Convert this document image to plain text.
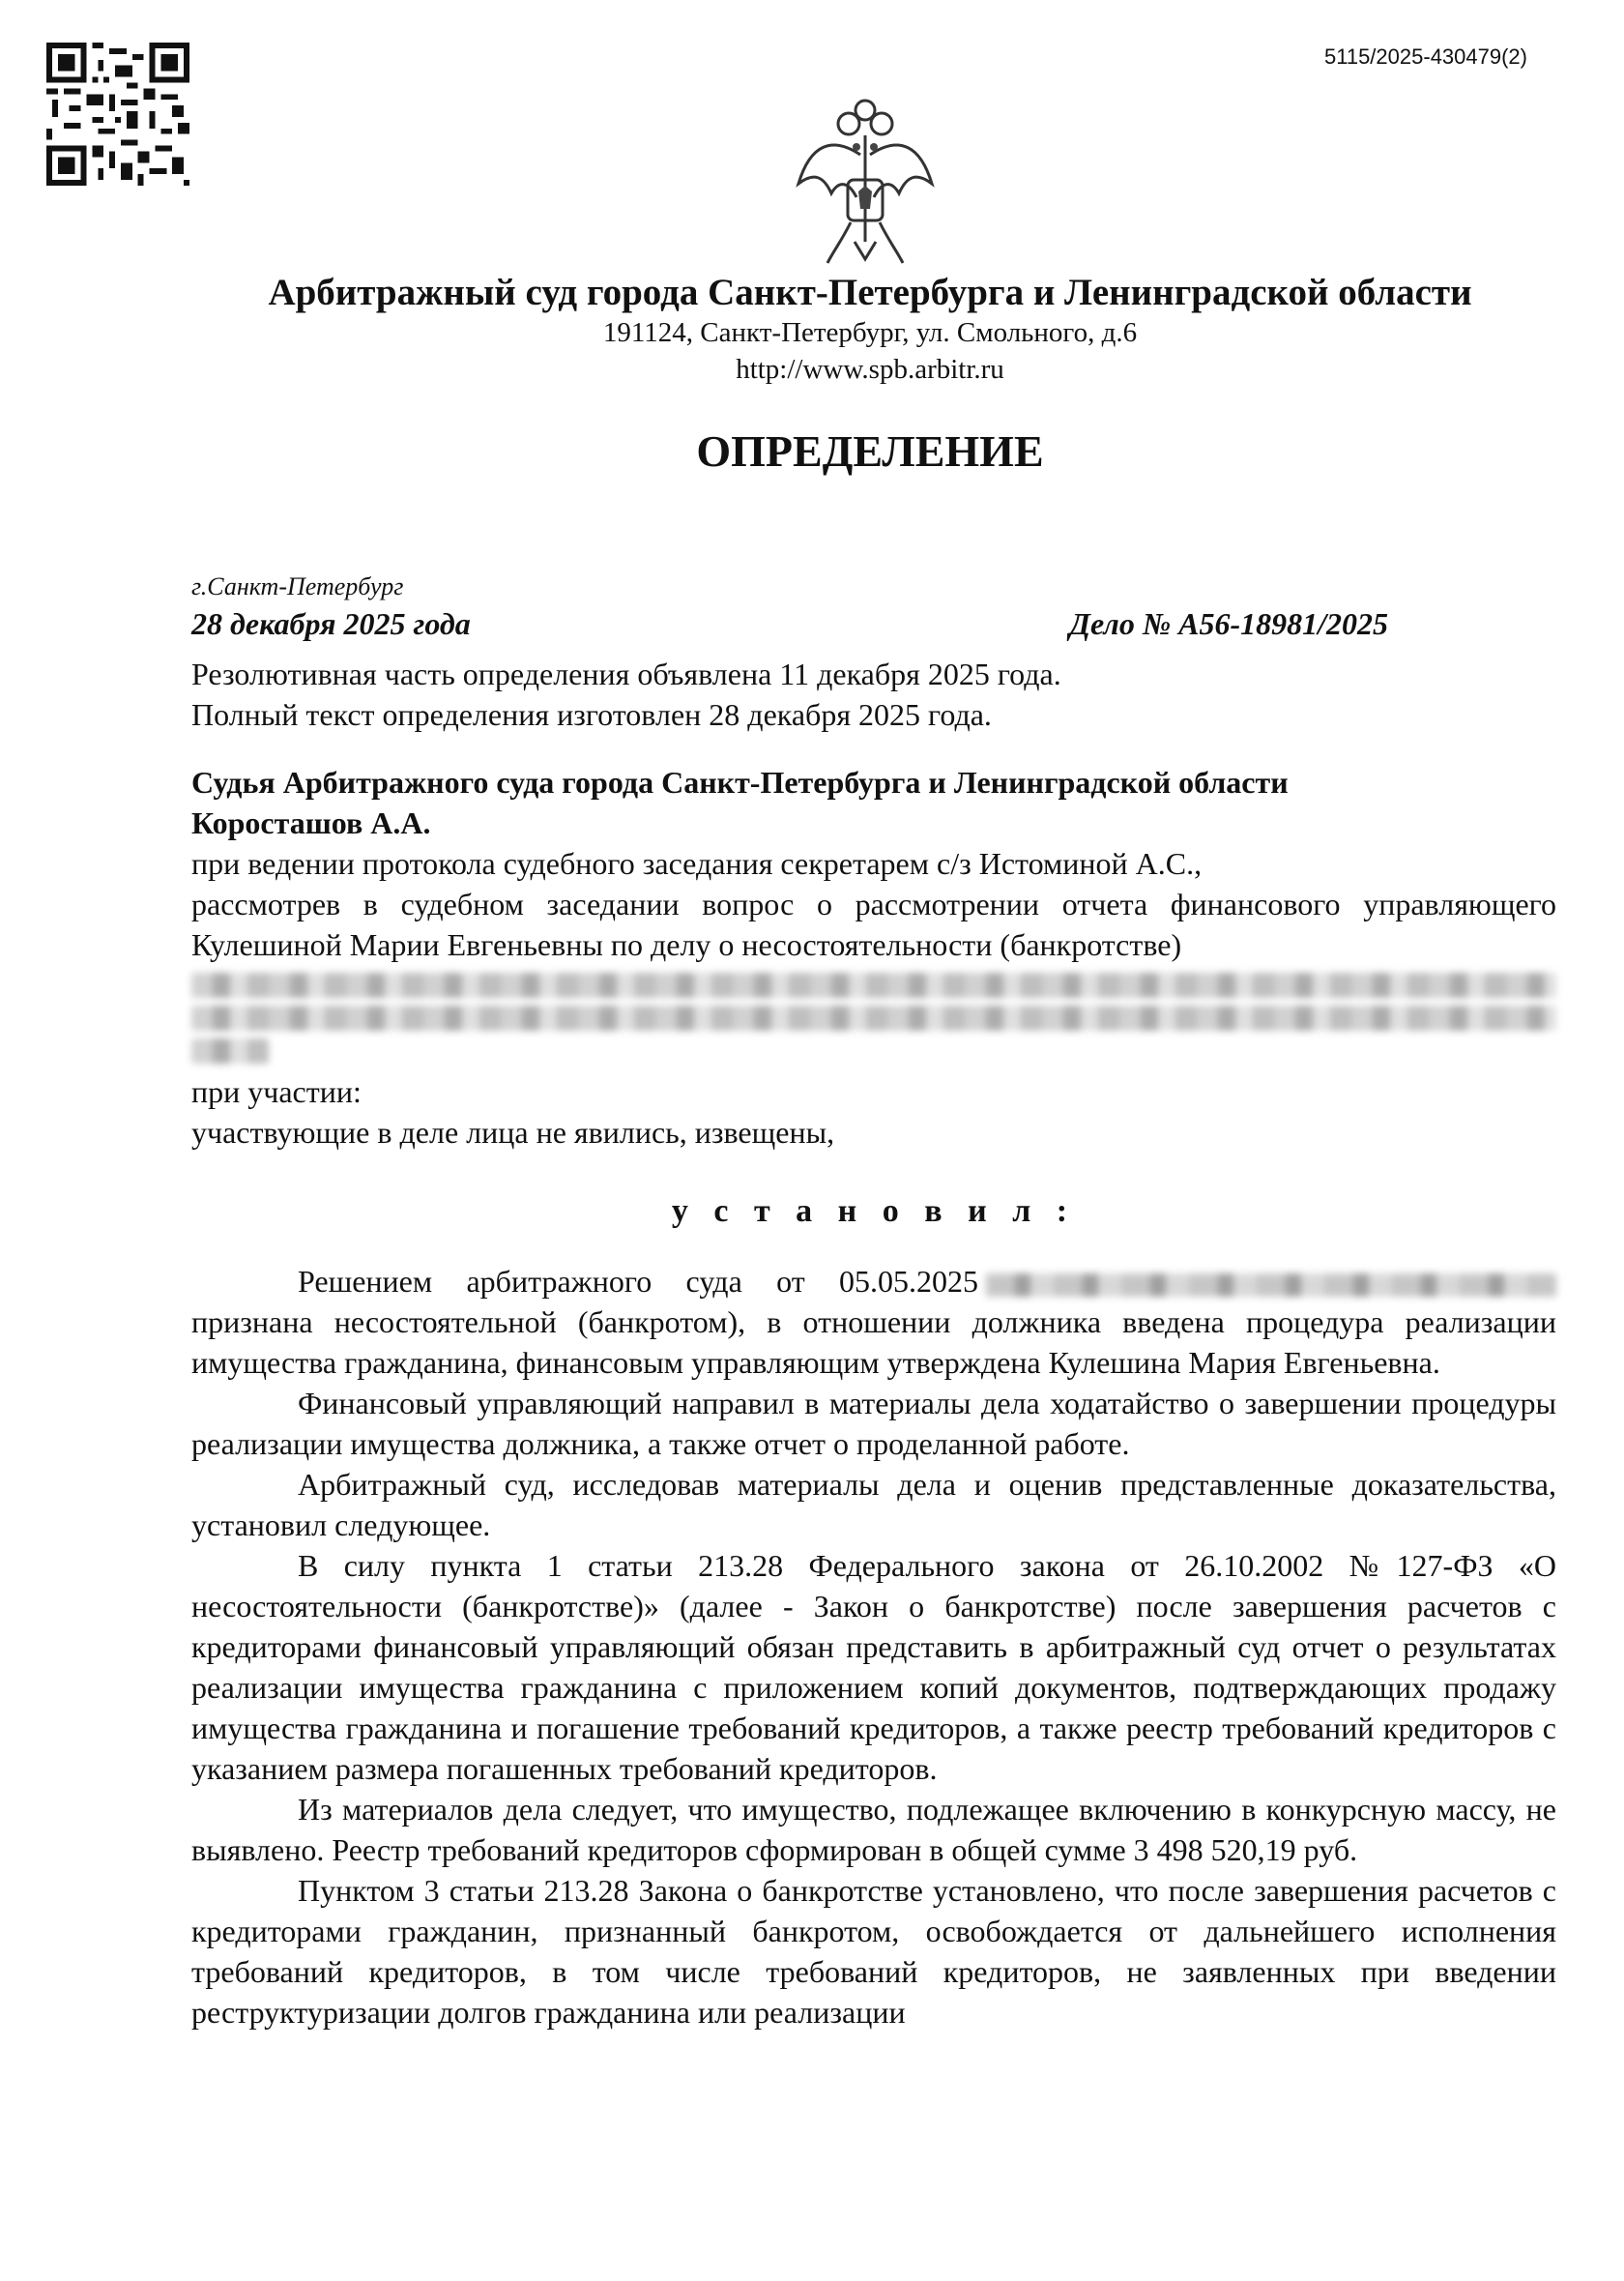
5115/2025-430479(2)
Арбитражный суд города Санкт-Петербурга и Ленинградской области
191124, Санкт-Петербург, ул. Смольного, д.6
http://www.spb.arbitr.ru
ОПРЕДЕЛЕНИЕ

г.Санкт-Петербург

28 декабря 2025 года	Дело № А56-18981/2025

Резолютивная часть определения объявлена 11 декабря 2025 года.

Полный текст определения изготовлен 28 декабря 2025 года.

Судья Арбитражного суда города Санкт-Петербурга и Ленинградской области

Коросташов А.А.

при ведении протокола судебного заседания секретарем с/з Истоминой А.С.,

рассмотрев в судебном заседании вопрос о рассмотрении отчета финансового управляющего Кулешиной Марии Евгеньевны по делу о несостоятельности (банкротстве)

при участии:

участвующие в деле лица не явились, извещены,

у с т а н о в и л :

Решением арбитражного суда от 05.05.2025 признана несостоятельной (банкротом), в отношении должника введена процедура реализации имущества гражданина, финансовым управляющим утверждена Кулешина Мария Евгеньевна.

Финансовый управляющий направил в материалы дела ходатайство о завершении процедуры реализации имущества должника, а также отчет о проделанной работе.

Арбитражный суд, исследовав материалы дела и оценив представленные доказательства, установил следующее.

В силу пункта 1 статьи 213.28 Федерального закона от 26.10.2002 №127-ФЗ «О несостоятельности (банкротстве)» (далее - Закон о банкротстве) после завершения расчетов с кредиторами финансовый управляющий обязан представить в арбитражный суд отчет о результатах реализации имущества гражданина с приложением копий документов, подтверждающих продажу имущества гражданина и погашение требований кредиторов, а также реестр требований кредиторов с указанием размера погашенных требований кредиторов.

Из материалов дела следует, что имущество, подлежащее включению в конкурсную массу, не выявлено. Реестр требований кредиторов сформирован в общей сумме 3 498 520,19 руб.

Пунктом 3 статьи 213.28 Закона о банкротстве установлено, что после завершения расчетов с кредиторами гражданин, признанный банкротом, освобождается от дальнейшего исполнения требований кредиторов, в том числе требований кредиторов, не заявленных при введении реструктуризации долгов гражданина или реализации
